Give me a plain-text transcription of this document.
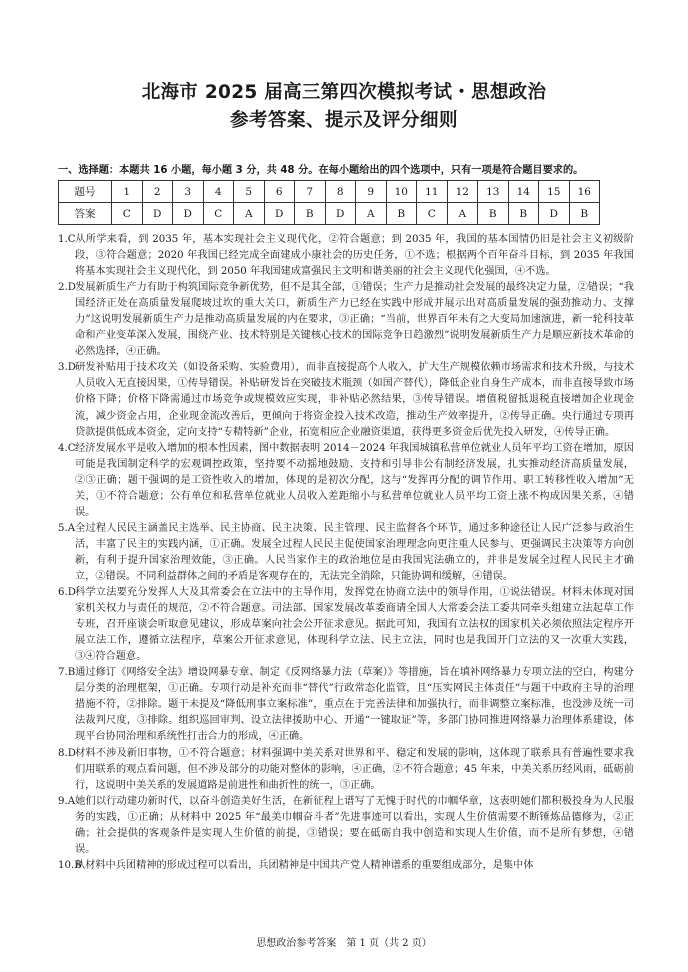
北海市 2025 届高三第四次模拟考试・思想政治
参考答案、提示及评分细则
一、选择题：本题共 16 小题，每小题 3 分，共 48 分。在每小题给出的四个选项中，只有一项是符合题目要求的。
题号	1	2	3	4	5	6	7	8	9	10	11	12	13	14	15	16
答案	C	D	D	C	A	D	B	D	A	B	C	A	B	B	D	B

1.C从所学来看，到 2035 年，基本实现社会主义现代化，②符合题意；到 2035 年，我国的基本国情仍旧是社会主义初级阶段，③符合题意；2020 年我国已经完成全面建成小康社会的历史任务，①不选；根据两个百年奋斗目标，到 2035 年我国将基本实现社会主义现代化，到 2050 年我国建成富强民主文明和谐美丽的社会主义现代化强国，④不选。

2.D发展新质生产力有助于构筑国际竞争新优势，但不是其全部，①错误；生产力是推动社会发展的最终决定力量，②错误；“我国经济正处在高质量发展爬坡过坎的重大关口，新质生产力已经在实践中形成并展示出对高质量发展的强劲推动力、支撑力”这说明发展新质生产力是推动高质量发展的内在要求，③正确；“当前，世界百年未有之大变局加速演进，新一轮科技革命和产业变革深入发展，围绕产业、技术特别是关键核心技术的国际竞争日趋激烈”说明发展新质生产力是顺应新技术革命的必然选择，④正确。

3.D研发补贴用于技术攻关（如设备采购、实验费用），而非直接提高个人收入，扩大生产规模依赖市场需求和技术升级，与技术人员收入无直接因果，①传导错误。补贴研发旨在突破技术瓶颈（如国产替代），降低企业自身生产成本，而非直接导致市场价格下降；价格下降需通过市场竞争或规模效应实现，非补贴必然结果，③传导错误。增值税留抵退税直接增加企业现金流，减少资金占用，企业现金流改善后，更倾向于将资金投入技术改造，推动生产效率提升，②传导正确。央行通过专项再贷款提供低成本资金，定向支持“专精特新”企业，拓宽相应企业融资渠道，获得更多资金后优先投入研发，④传导正确。

4.C经济发展水平是收入增加的根本性因素，图中数据表明 2014－2024 年我国城镇私营单位就业人员年平均工资在增加，原因可能是我国制定科学的宏观调控政策，坚持要不动摇地鼓励、支持和引导非公有制经济发展，扎实推动经济高质量发展，②③正确；题干强调的是工资性收入的增加，体现的是初次分配，这与“发挥再分配的调节作用、职工转移性收入增加”无关，①不符合题意；公有单位和私营单位就业人员收入差距缩小与私营单位就业人员平均工资上涨不构成因果关系，④错误。

5.A全过程人民民主涵盖民主选举、民主协商、民主决策、民主管理、民主监督各个环节，通过多种途径让人民广泛参与政治生活，丰富了民主的实践内涵，①正确。发展全过程人民民主促使国家治理理念向更注重人民参与、更强调民主决策等方向创新，有利于提升国家治理效能，③正确。人民当家作主的政治地位是由我国宪法确立的，并非是发展全过程人民民主才确立，②错误。不同利益群体之间的矛盾是客观存在的，无法完全消除，只能协调和缓解，④错误。

6.D科学立法要充分发挥人大及其常委会在立法中的主导作用，发挥党在协商立法中的领导作用，①说法错误。材料未体现对国家机关权力与责任的规范，②不符合题意。司法部、国家发展改革委商请全国人大常委会法工委共同牵头组建立法起草工作专班，召开座谈会听取意见建议，形成草案向社会公开征求意见。据此可知，我国有立法权的国家机关必须依照法定程序开展立法工作，遵循立法程序，草案公开征求意见，体现科学立法、民主立法，同时也是我国开门立法的又一次重大实践，③④符合题意。

7.B通过修订《网络安全法》增设网暴专章、制定《反网络暴力法（草案）》等措施，旨在填补网络暴力专项立法的空白，构建分层分类的治理框架，①正确。专项行动是补充而非“替代”行政常态化监管，且“压实网民主体责任”与题干中政府主导的治理措施不符，②排除。题干未提及“降低刑事立案标准”，重点在于完善法律和加强执行，而非调整立案标准，也没涉及统一司法裁判尺度，③排除。组织巡回审判、设立法律援助中心、开通“一键取证”等，多部门协同推进网络暴力治理体系建设，体现平台协同治理和系统性打击合力的形成，④正确。

8.D材料不涉及新旧事物，①不符合题意；材料强调中美关系对世界和平、稳定和发展的影响，这体现了联系具有普遍性要求我们用联系的观点看问题，但不涉及部分的功能对整体的影响，④正确，②不符合题意；45 年来，中美关系历经风雨，砥砺前行，这说明中美关系的发展道路是前进性和曲折性的统一，③正确。

9.A她们以行动建功新时代，以奋斗创造美好生活，在新征程上谱写了无愧于时代的巾帼华章，这表明她们都积极投身为人民服务的实践，①正确；从材料中 2025 年“最美巾帼奋斗者”先进事迹可以看出，实现人生价值需要不断锤炼品德修为，②正确；社会提供的客观条件是实现人生价值的前提，③错误；要在砥砺自我中创造和实现人生价值，而不是所有梦想，④错误。

10.B从材料中兵团精神的形成过程可以看出，兵团精神是中国共产党人精神谱系的重要组成部分，是集中体

思想政治参考答案　第 1 页（共 2 页）
